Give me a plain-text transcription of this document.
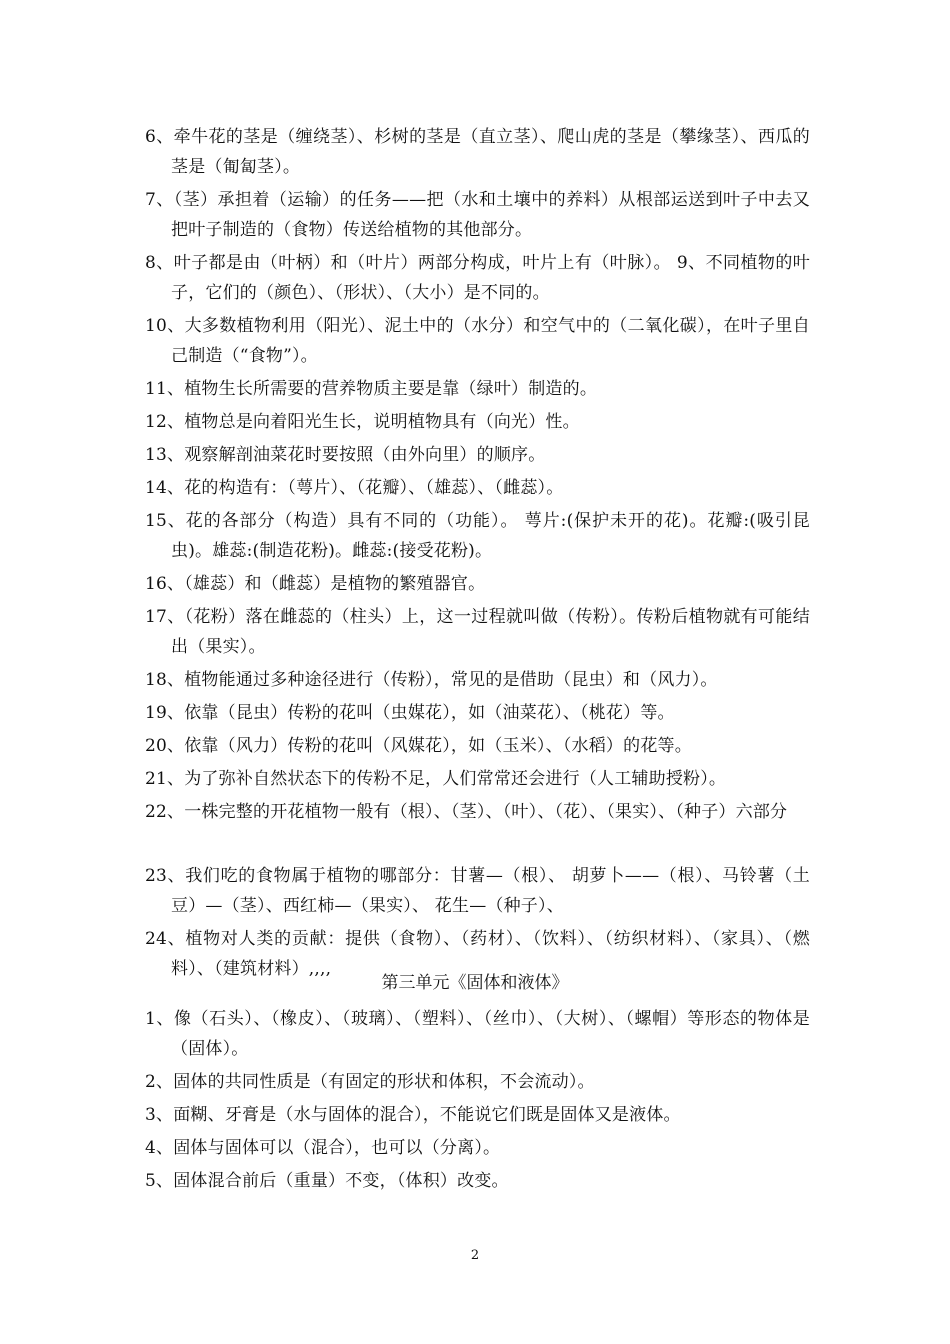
6、牵牛花的茎是（缠绕茎）、杉树的茎是（直立茎）、爬山虎的茎是（攀缘茎）、西瓜的茎是（匍匐茎）。

7、（茎）承担着（运输）的任务——把（水和土壤中的养料）从根部运送到叶子中去又把叶子制造的（食物）传送给植物的其他部分。

8、叶子都是由（叶柄）和（叶片）两部分构成，叶片上有（叶脉）。 9、不同植物的叶子，它们的（颜色）、（形状）、（大小）是不同的。

10、大多数植物利用（阳光）、泥土中的（水分）和空气中的（二氧化碳），在叶子里自己制造（“食物”）。

11、植物生长所需要的营养物质主要是靠（绿叶）制造的。

12、植物总是向着阳光生长，说明植物具有（向光）性。

13、观察解剖油菜花时要按照（由外向里）的顺序。

14、花的构造有：（萼片）、（花瓣）、（雄蕊）、（雌蕊）。

15、花的各部分（构造）具有不同的（功能）。 萼片:(保护未开的花)。花瓣:(吸引昆虫)。雄蕊:(制造花粉)。雌蕊:(接受花粉)。

16、（雄蕊）和（雌蕊）是植物的繁殖器官。

17、（花粉）落在雌蕊的（柱头）上，这一过程就叫做（传粉）。传粉后植物就有可能结出（果实）。

18、植物能通过多种途径进行（传粉），常见的是借助（昆虫）和（风力）。

19、依靠（昆虫）传粉的花叫（虫媒花），如（油菜花）、（桃花）等。

20、依靠（风力）传粉的花叫（风媒花），如（玉米）、（水稻）的花等。

21、为了弥补自然状态下的传粉不足，人们常常还会进行（人工辅助授粉）。

22、一株完整的开花植物一般有（根）、（茎）、（叶）、（花）、（果实）、（种子）六部分

23、我们吃的食物属于植物的哪部分：甘薯—（根）、 胡萝卜——（根）、马铃薯（土豆）—（茎）、西红柿—（果实）、 花生—（种子）、

24、植物对人类的贡献：提供（食物）、（药材）、（饮料）、（纺织材料）、（家具）、（燃料）、（建筑材料）,,,,

第三单元《固体和液体》

1、像（石头）、（橡皮）、（玻璃）、（塑料）、（丝巾）、（大树）、（螺帽）等形态的物体是（固体）。

2、固体的共同性质是（有固定的形状和体积，不会流动）。

3、面糊、牙膏是（水与固体的混合），不能说它们既是固体又是液体。

4、固体与固体可以（混合），也可以（分离）。

5、固体混合前后（重量）不变，（体积）改变。

2
